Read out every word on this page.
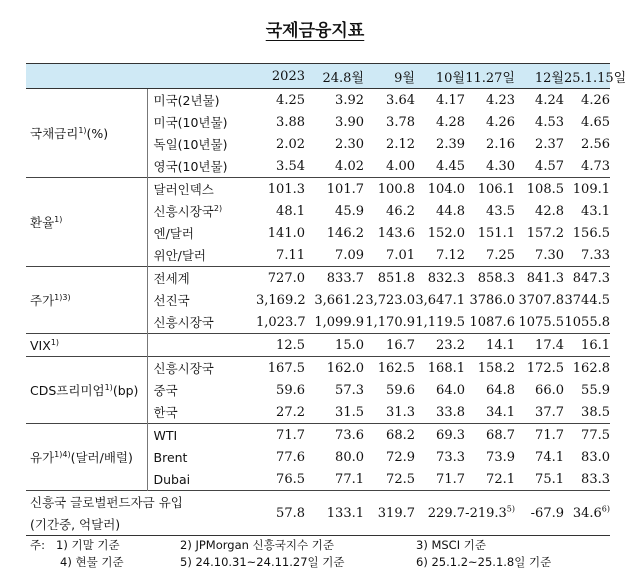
국제금융지표
		2023	24.8월	9월	10월	11.27일	12월	25.1.15일
국채금리$^{1)}$(%)	미국(2년물)	4.25	3.92	3.64	4.17	4.23	4.24	4.26
	미국(10년물)	3.88	3.90	3.78	4.28	4.26	4.53	4.65
	독일(10년물)	2.02	2.30	2.12	2.39	2.16	2.37	2.56
	영국(10년물)	3.54	4.02	4.00	4.45	4.30	4.57	4.73
환율$^{1)}$	달러인덱스	101.3	101.7	100.8	104.0	106.1	108.5	109.1
	신흥시장국$^{2)}$	48.1	45.9	46.2	44.8	43.5	42.8	43.1
	엔/달러	141.0	146.2	143.6	152.0	151.1	157.2	156.5
	위안/달러	7.11	7.09	7.01	7.12	7.25	7.30	7.33
주가$^{1)3)}$	전세계	727.0	833.7	851.8	832.3	858.3	841.3	847.3
	선진국	3,169.2	3,661.2	3,723.0	3,647.1	3786.0	3707.8	3744.5
	신흥시장국	1,023.7	1,099.9	1,170.9	1,119.5	1087.6	1075.5	1055.8
VIX$^{1)}$		12.5	15.0	16.7	23.2	14.1	17.4	16.1
CDS프리미엄$^{1)}$(bp)	신흥시장국	167.5	162.0	162.5	168.1	158.2	172.5	162.8
	중국	59.6	57.3	59.6	64.0	64.8	66.0	55.9
	한국	27.2	31.5	31.3	33.8	34.1	37.7	38.5
유가$^{1)4)}$(달러/배럴)	WTI	71.7	73.6	68.2	69.3	68.7	71.7	77.5
	Brent	77.6	80.0	72.9	73.3	73.9	74.1	83.0
	Dubai	76.5	77.1	72.5	71.7	72.1	75.1	83.3

신흥국 글로벌펀드자금 유입
(기간중, 억달러)		57.8	133.1	319.7	229.7	-219.3$^{5)}$	-67.9	34.6$^{6)}$
주: 1) 기말 기준	2) JPMorgan 신흥국지수 기준	3) MSCI 기준
4) 현물 기준	5) 24.10.31~24.11.27일 기준	6) 25.1.2~25.1.8일 기준
